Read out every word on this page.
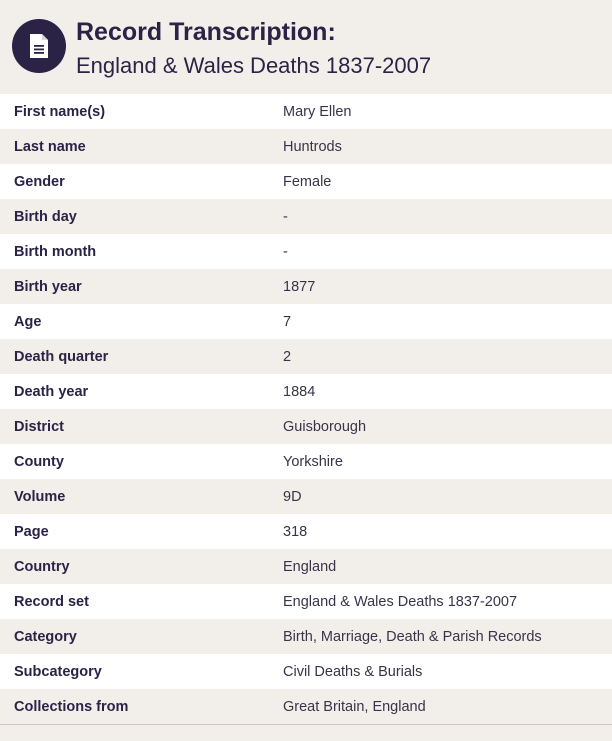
Record Transcription:
England & Wales Deaths 1837-2007
First name(s)	Mary Ellen
Last name	Huntrods
Gender	Female
Birth day	-
Birth month	-
Birth year	1877
Age	7
Death quarter	2
Death year	1884
District	Guisborough
County	Yorkshire
Volume	9D
Page	318
Country	England
Record set	England & Wales Deaths 1837-2007
Category	Birth, Marriage, Death & Parish Records
Subcategory	Civil Deaths & Burials
Collections from	Great Britain, England
